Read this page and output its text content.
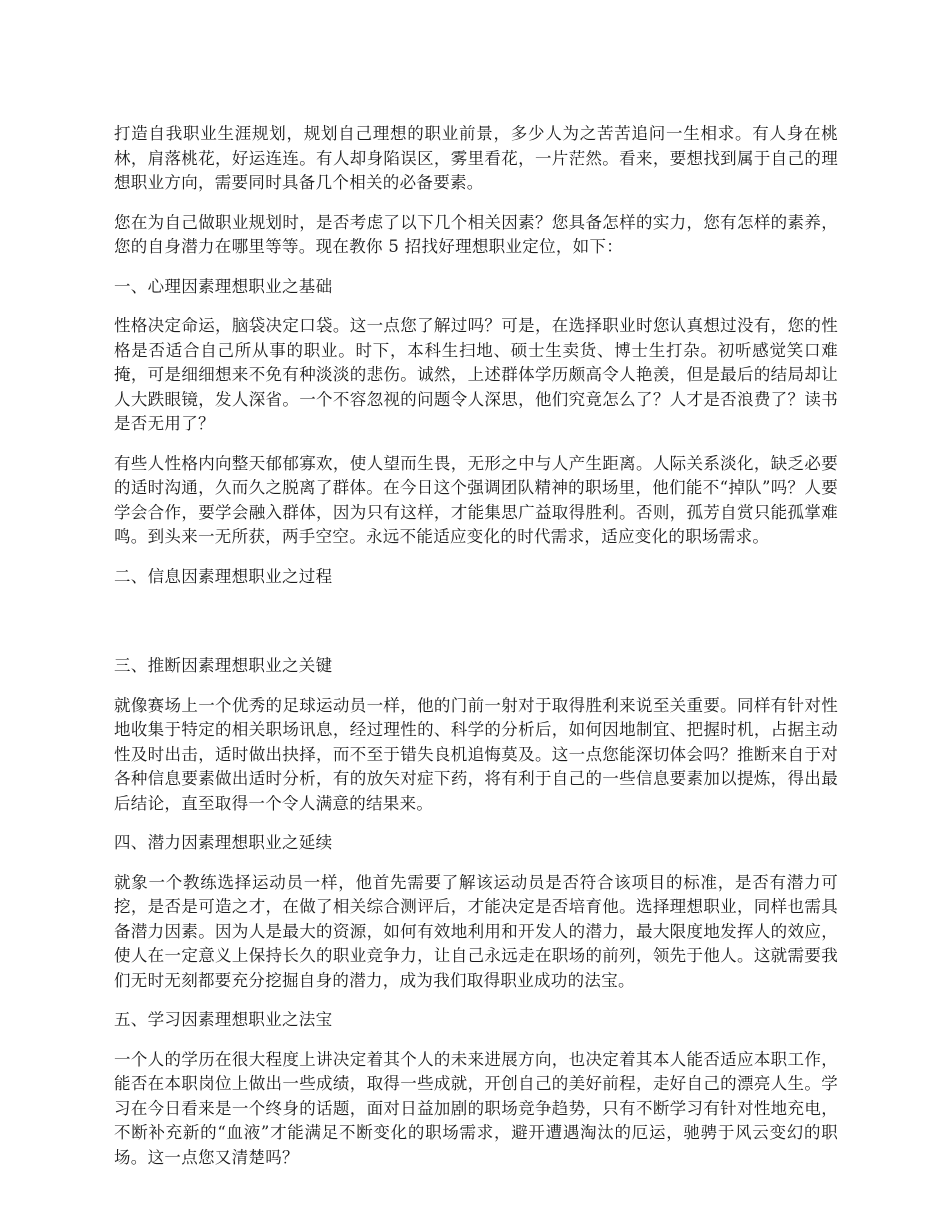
打造自我职业生涯规划，规划自己理想的职业前景，多少人为之苦苦追问一生相求。有人身在桃林，肩落桃花，好运连连。有人却身陷误区，雾里看花，一片茫然。看来，要想找到属于自己的理想职业方向，需要同时具备几个相关的必备要素。

您在为自己做职业规划时，是否考虑了以下几个相关因素？您具备怎样的实力，您有怎样的素养，您的自身潜力在哪里等等。现在教你 5 招找好理想职业定位，如下：

一、心理因素理想职业之基础

性格决定命运，脑袋决定口袋。这一点您了解过吗？可是，在选择职业时您认真想过没有，您的性格是否适合自己所从事的职业。时下，本科生扫地、硕士生卖货、博士生打杂。初听感觉笑口难掩，可是细细想来不免有种淡淡的悲伤。诚然，上述群体学历颇高令人艳羡，但是最后的结局却让人大跌眼镜，发人深省。一个不容忽视的问题令人深思，他们究竟怎么了？人才是否浪费了？读书是否无用了？

有些人性格内向整天郁郁寡欢，使人望而生畏，无形之中与人产生距离。人际关系淡化，缺乏必要的适时沟通，久而久之脱离了群体。在今日这个强调团队精神的职场里，他们能不“掉队”吗？人要学会合作，要学会融入群体，因为只有这样，才能集思广益取得胜利。否则，孤芳自赏只能孤掌难鸣。到头来一无所获，两手空空。永远不能适应变化的时代需求，适应变化的职场需求。

二、信息因素理想职业之过程

三、推断因素理想职业之关键

就像赛场上一个优秀的足球运动员一样，他的门前一射对于取得胜利来说至关重要。同样有针对性地收集于特定的相关职场讯息，经过理性的、科学的分析后，如何因地制宜、把握时机，占据主动性及时出击，适时做出抉择，而不至于错失良机追悔莫及。这一点您能深切体会吗？推断来自于对各种信息要素做出适时分析，有的放矢对症下药，将有利于自己的一些信息要素加以提炼，得出最后结论，直至取得一个令人满意的结果来。

四、潜力因素理想职业之延续

就象一个教练选择运动员一样，他首先需要了解该运动员是否符合该项目的标准，是否有潜力可挖，是否是可造之才，在做了相关综合测评后，才能决定是否培育他。选择理想职业，同样也需具备潜力因素。因为人是最大的资源，如何有效地利用和开发人的潜力，最大限度地发挥人的效应，使人在一定意义上保持长久的职业竞争力，让自己永远走在职场的前列，领先于他人。这就需要我们无时无刻都要充分挖掘自身的潜力，成为我们取得职业成功的法宝。

五、学习因素理想职业之法宝

一个人的学历在很大程度上讲决定着其个人的未来进展方向，也决定着其本人能否适应本职工作，能否在本职岗位上做出一些成绩，取得一些成就，开创自己的美好前程，走好自己的漂亮人生。学习在今日看来是一个终身的话题，面对日益加剧的职场竞争趋势，只有不断学习有针对性地充电，不断补充新的“血液”才能满足不断变化的职场需求，避开遭遇淘汰的厄运，驰骋于风云变幻的职场。这一点您又清楚吗？
